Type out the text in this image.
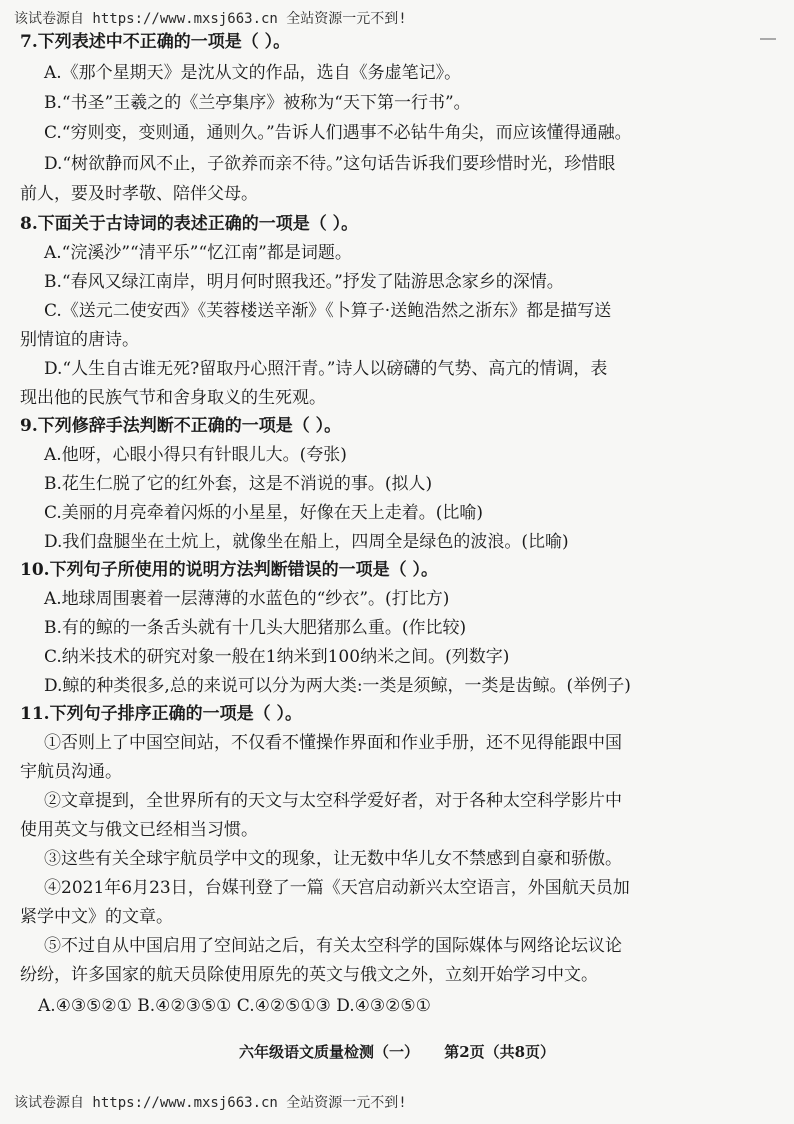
该试卷源自 https://www.mxsj663.cn 全站资源一元不到!
7.下列表述中不正确的一项是（ ）。
A.《那个星期天》是沈从文的作品，选自《务虚笔记》。
B.“书圣”王羲之的《兰亭集序》被称为“天下第一行书”。
C.“穷则变，变则通，通则久。”告诉人们遇事不必钻牛角尖，而应该懂得通融。
D.“树欲静而风不止，子欲养而亲不待。”这句话告诉我们要珍惜时光，珍惜眼
前人，要及时孝敬、陪伴父母。
8.下面关于古诗词的表述正确的一项是（ ）。
A.“浣溪沙”“清平乐”“忆江南”都是词题。
B.“春风又绿江南岸，明月何时照我还。”抒发了陆游思念家乡的深情。
C.《送元二使安西》《芙蓉楼送辛渐》《卜算子·送鲍浩然之浙东》都是描写送
别情谊的唐诗。
D.“人生自古谁无死?留取丹心照汗青。”诗人以磅礴的气势、高亢的情调，表
现出他的民族气节和舍身取义的生死观。
9.下列修辞手法判断不正确的一项是（ ）。
A.他呀，心眼小得只有针眼儿大。(夸张)
B.花生仁脱了它的红外套，这是不消说的事。(拟人)
C.美丽的月亮牵着闪烁的小星星，好像在天上走着。(比喻)
D.我们盘腿坐在土炕上，就像坐在船上，四周全是绿色的波浪。(比喻)
10.下列句子所使用的说明方法判断错误的一项是（ ）。
A.地球周围裹着一层薄薄的水蓝色的“纱衣”。(打比方)
B.有的鲸的一条舌头就有十几头大肥猪那么重。(作比较)
C.纳米技术的研究对象一般在1纳米到100纳米之间。(列数字)
D.鲸的种类很多,总的来说可以分为两大类:一类是须鲸，一类是齿鲸。(举例子)
11.下列句子排序正确的一项是（ ）。
①否则上了中国空间站，不仅看不懂操作界面和作业手册，还不见得能跟中国
宇航员沟通。
②文章提到，全世界所有的天文与太空科学爱好者，对于各种太空科学影片中
使用英文与俄文已经相当习惯。
③这些有关全球宇航员学中文的现象，让无数中华儿女不禁感到自豪和骄傲。
④2021年6月23日，台媒刊登了一篇《天宫启动新兴太空语言，外国航天员加
紧学中文》的文章。
⑤不过自从中国启用了空间站之后，有关太空科学的国际媒体与网络论坛议论
纷纷，许多国家的航天员除使用原先的英文与俄文之外，立刻开始学习中文。
A.④③⑤②① B.④②③⑤① C.④②⑤①③ D.④③②⑤①
六年级语文质量检测（一） 第2页（共8页）
该试卷源自 https://www.mxsj663.cn 全站资源一元不到!
